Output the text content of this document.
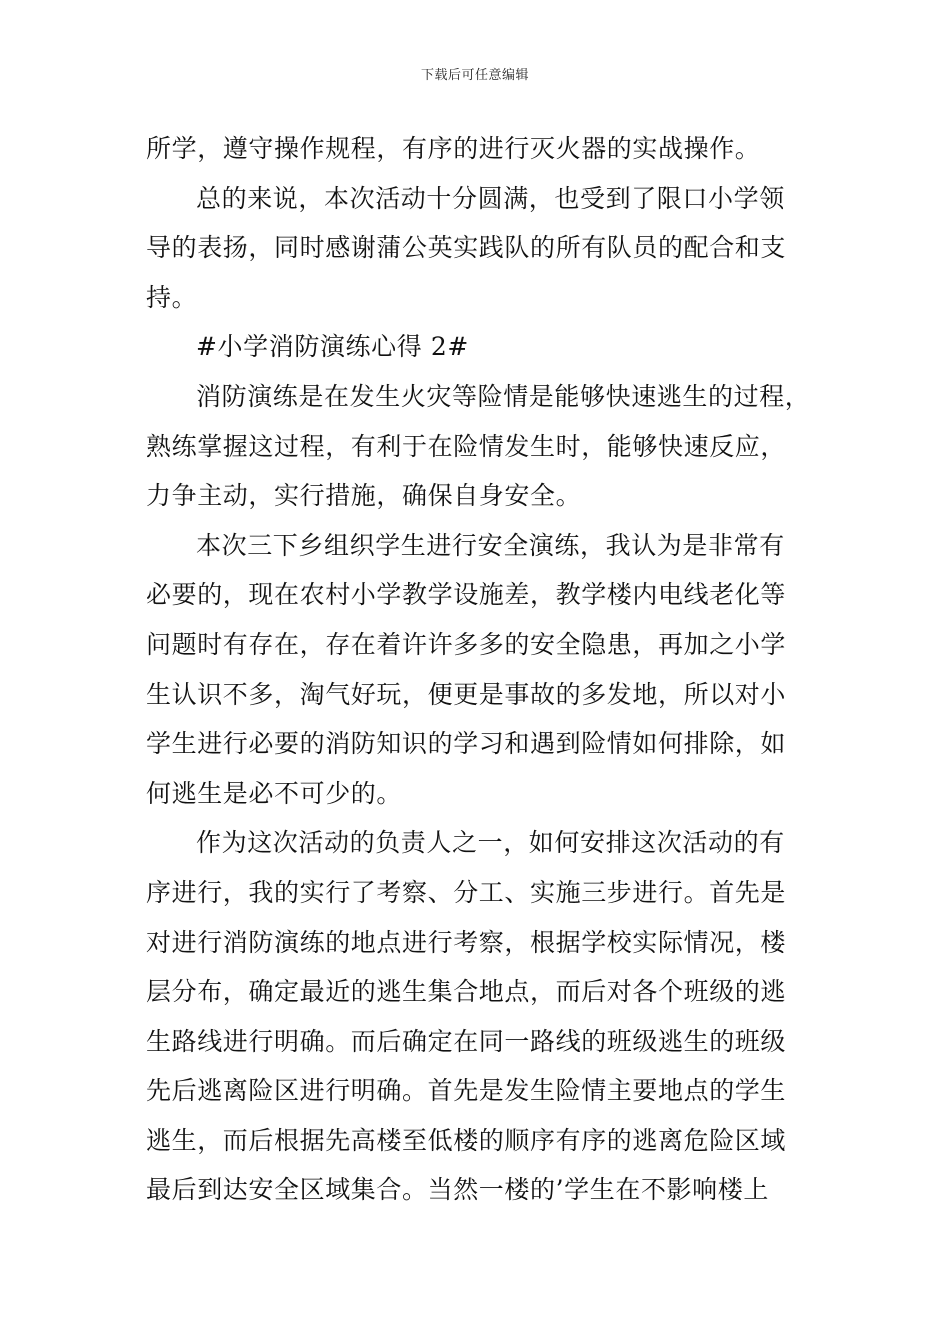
下载后可任意编辑
所学，遵守操作规程，有序的进行灭火器的实战操作。
总的来说，本次活动十分圆满，也受到了限口小学领
导的表扬，同时感谢蒲公英实践队的所有队员的配合和支
持。
#小学消防演练心得 2#
消防演练是在发生火灾等险情是能够快速逃生的过程，
熟练掌握这过程，有利于在险情发生时，能够快速反应，
力争主动，实行措施，确保自身安全。
本次三下乡组织学生进行安全演练，我认为是非常有
必要的，现在农村小学教学设施差，教学楼内电线老化等
问题时有存在，存在着许许多多的安全隐患，再加之小学
生认识不多，淘气好玩，便更是事故的多发地，所以对小
学生进行必要的消防知识的学习和遇到险情如何排除，如
何逃生是必不可少的。
作为这次活动的负责人之一，如何安排这次活动的有
序进行，我的实行了考察、分工、实施三步进行。首先是
对进行消防演练的地点进行考察，根据学校实际情况，楼
层分布，确定最近的逃生集合地点，而后对各个班级的逃
生路线进行明确。而后确定在同一路线的班级逃生的班级
先后逃离险区进行明确。首先是发生险情主要地点的学生
逃生，而后根据先高楼至低楼的顺序有序的逃离危险区域
最后到达安全区域集合。当然一楼的’学生在不影响楼上
